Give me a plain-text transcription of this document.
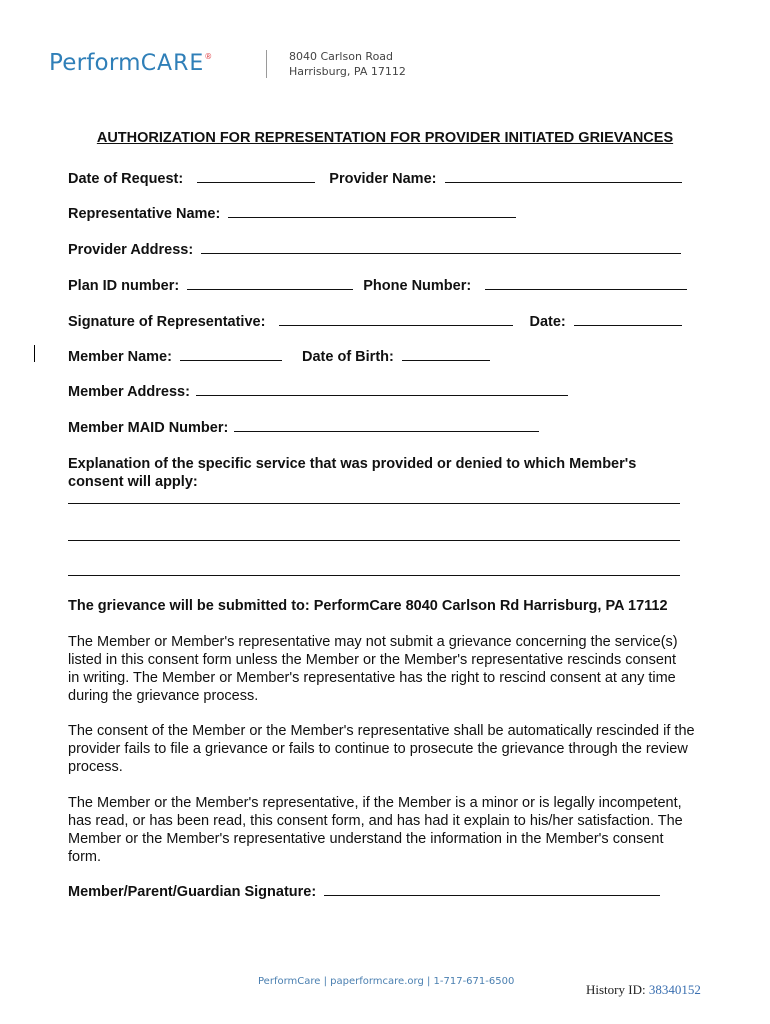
PerformCARE®	8040 Carlson Road
Harrisburg, PA 17112
AUTHORIZATION FOR REPRESENTATION FOR PROVIDER INITIATED GRIEVANCES
Date of Request:	Provider Name:
Representative Name:
Provider Address:
Plan ID number:	Phone Number:
Signature of Representative:	Date:
Member Name:	Date of Birth:
Member Address:
Member MAID Number:
Explanation of the specific service that was provided or denied to which Member's consent will apply:
The grievance will be submitted to: PerformCare 8040 Carlson Rd Harrisburg, PA 17112
The Member or Member's representative may not submit a grievance concerning the service(s) listed in this consent form unless the Member or the Member's representative rescinds consent in writing. The Member or Member's representative has the right to rescind consent at any time during the grievance process.
The consent of the Member or the Member's representative shall be automatically rescinded if the provider fails to file a grievance or fails to continue to prosecute the grievance through the review process.
The Member or the Member's representative, if the Member is a minor or is legally incompetent, has read, or has been read, this consent form, and has had it explain to his/her satisfaction. The Member or the Member's representative understand the information in the Member's consent form.
Member/Parent/Guardian Signature:
PerformCare | paperformcare.org | 1-717-671-6500
History ID: 38340152
